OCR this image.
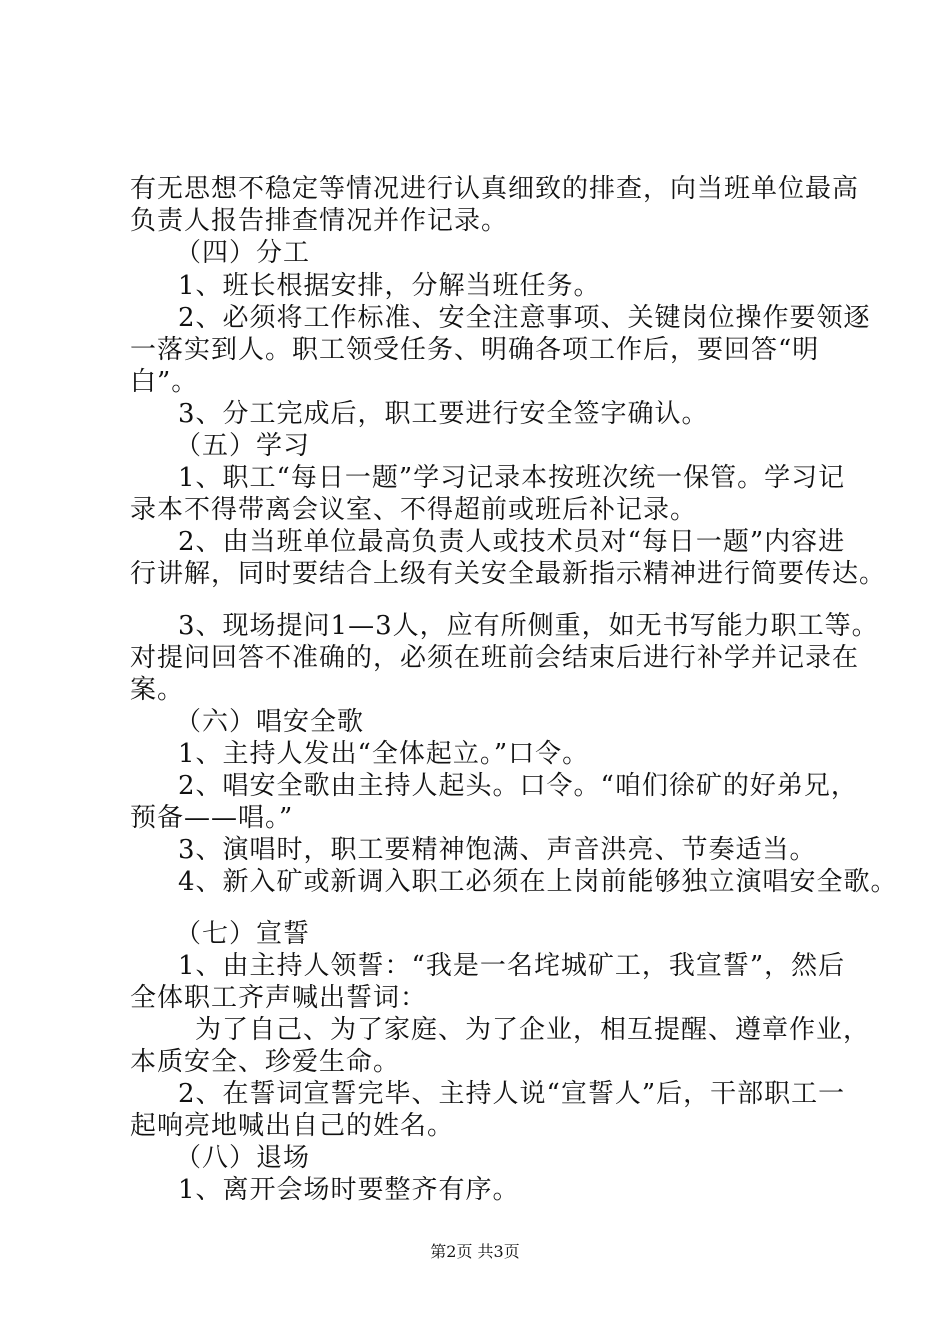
有无思想不稳定等情况进行认真细致的排查，向当班单位最高
负责人报告排查情况并作记录。
（四）分工
1、班长根据安排，分解当班任务。
2、必须将工作标准、安全注意事项、关键岗位操作要领逐
一落实到人。职工领受任务、明确各项工作后，要回答“明
白”。
3、分工完成后，职工要进行安全签字确认。
（五）学习
1、职工“每日一题”学习记录本按班次统一保管。学习记
录本不得带离会议室、不得超前或班后补记录。
2、由当班单位最高负责人或技术员对“每日一题”内容进
行讲解，同时要结合上级有关安全最新指示精神进行简要传达。
3、现场提问1—3人，应有所侧重，如无书写能力职工等。
对提问回答不准确的，必须在班前会结束后进行补学并记录在
案。
（六）唱安全歌
1、主持人发出“全体起立。”口令。
2、唱安全歌由主持人起头。口令。“咱们徐矿的好弟兄，
预备——唱。”
3、演唱时，职工要精神饱满、声音洪亮、节奏适当。
4、新入矿或新调入职工必须在上岗前能够独立演唱安全歌。
（七）宣誓
1、由主持人领誓：“我是一名垞城矿工，我宣誓”，然后
全体职工齐声喊出誓词：
为了自己、为了家庭、为了企业，相互提醒、遵章作业，
本质安全、珍爱生命。
2、在誓词宣誓完毕、主持人说“宣誓人”后，干部职工一
起响亮地喊出自己的姓名。
（八）退场
1、离开会场时要整齐有序。
第2页 共3页
